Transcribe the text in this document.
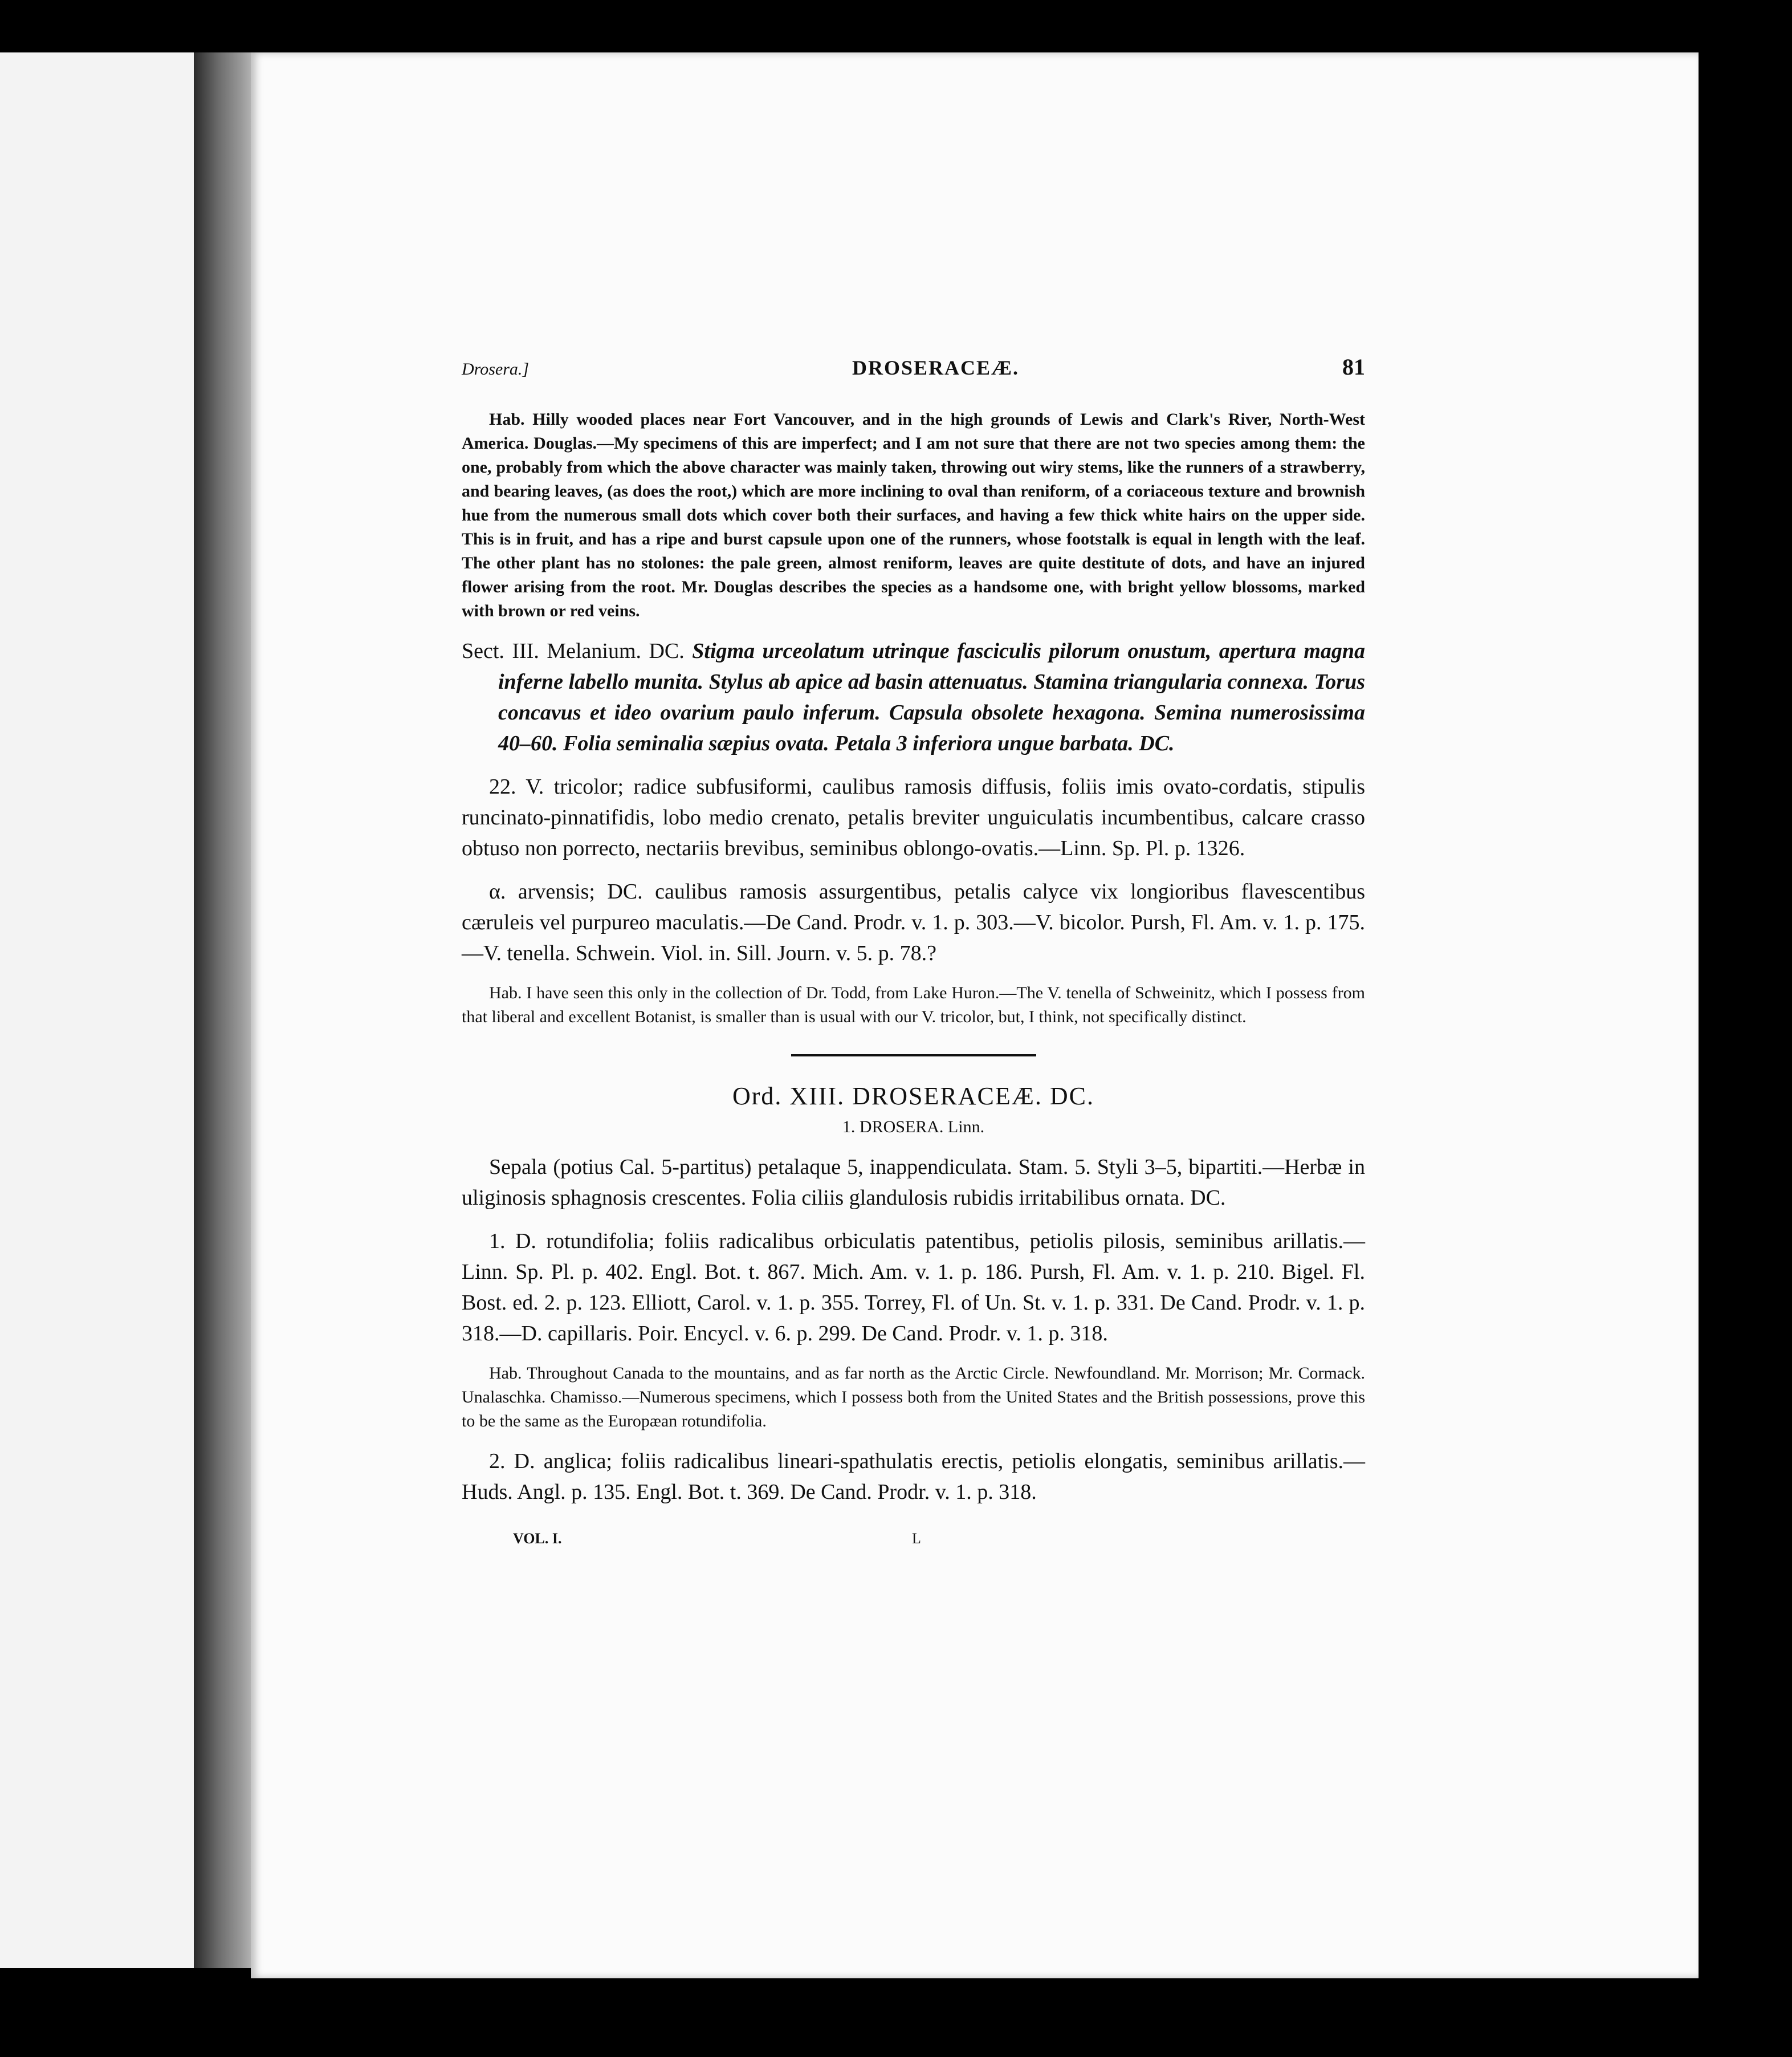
Drosera.]	DROSERACEÆ.	81

Hab. Hilly wooded places near Fort Vancouver, and in the high grounds of Lewis and Clark's River, North-West America. Douglas.—My specimens of this are imperfect; and I am not sure that there are not two species among them: the one, probably from which the above character was mainly taken, throwing out wiry stems, like the runners of a strawberry, and bearing leaves, (as does the root,) which are more inclining to oval than reniform, of a coriaceous texture and brownish hue from the numerous small dots which cover both their surfaces, and having a few thick white hairs on the upper side. This is in fruit, and has a ripe and burst capsule upon one of the runners, whose footstalk is equal in length with the leaf. The other plant has no stolones: the pale green, almost reniform, leaves are quite destitute of dots, and have an injured flower arising from the root. Mr. Douglas describes the species as a handsome one, with bright yellow blossoms, marked with brown or red veins.

Sect. III. Melanium. DC. Stigma urceolatum utrinque fasciculis pilorum onustum, apertura magna inferne labello munita. Stylus ab apice ad basin attenuatus. Stamina triangularia connexa. Torus concavus et ideo ovarium paulo inferum. Capsula obsolete hexagona. Semina numerosissima 40–60. Folia seminalia sæpius ovata. Petala 3 inferiora ungue barbata. DC.

22. V. tricolor; radice subfusiformi, caulibus ramosis diffusis, foliis imis ovato-cordatis, stipulis runcinato-pinnatifidis, lobo medio crenato, petalis breviter unguiculatis incumbentibus, calcare crasso obtuso non porrecto, nectariis brevibus, seminibus oblongo-ovatis.—Linn. Sp. Pl. p. 1326.

α. arvensis; DC. caulibus ramosis assurgentibus, petalis calyce vix longioribus flavescentibus cæruleis vel purpureo maculatis.—De Cand. Prodr. v. 1. p. 303.—V. bicolor. Pursh, Fl. Am. v. 1. p. 175.—V. tenella. Schwein. Viol. in. Sill. Journ. v. 5. p. 78.?

Hab. I have seen this only in the collection of Dr. Todd, from Lake Huron.—The V. tenella of Schweinitz, which I possess from that liberal and excellent Botanist, is smaller than is usual with our V. tricolor, but, I think, not specifically distinct.

Ord. XIII. DROSERACEÆ. DC.
1. DROSERA. Linn.

Sepala (potius Cal. 5-partitus) petalaque 5, inappendiculata. Stam. 5. Styli 3–5, bipartiti.—Herbæ in uliginosis sphagnosis crescentes. Folia ciliis glandulosis rubidis irritabilibus ornata. DC.

1. D. rotundifolia; foliis radicalibus orbiculatis patentibus, petiolis pilosis, seminibus arillatis.—Linn. Sp. Pl. p. 402. Engl. Bot. t. 867. Mich. Am. v. 1. p. 186. Pursh, Fl. Am. v. 1. p. 210. Bigel. Fl. Bost. ed. 2. p. 123. Elliott, Carol. v. 1. p. 355. Torrey, Fl. of Un. St. v. 1. p. 331. De Cand. Prodr. v. 1. p. 318.—D. capillaris. Poir. Encycl. v. 6. p. 299. De Cand. Prodr. v. 1. p. 318.

Hab. Throughout Canada to the mountains, and as far north as the Arctic Circle. Newfoundland. Mr. Morrison; Mr. Cormack. Unalaschka. Chamisso.—Numerous specimens, which I possess both from the United States and the British possessions, prove this to be the same as the Europæan rotundifolia.

2. D. anglica; foliis radicalibus lineari-spathulatis erectis, petiolis elongatis, seminibus arillatis.—Huds. Angl. p. 135. Engl. Bot. t. 369. De Cand. Prodr. v. 1. p. 318.

VOL. I.	L
